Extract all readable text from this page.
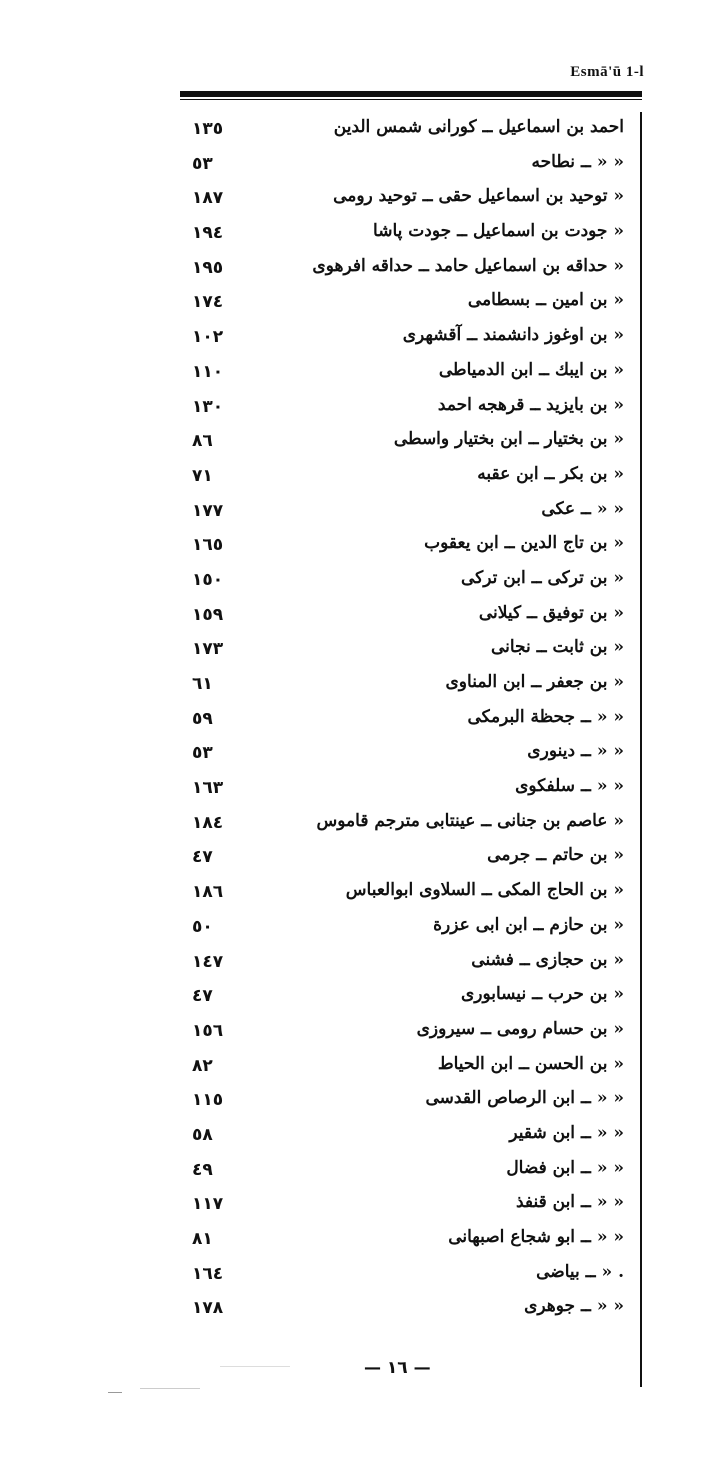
Esmā'ū 1-l
١٣٥	احمد بن اسماعیل ــ کورانی شمس الدین
٥٣	« « ــ نطاحه
١٨٧	« توحید بن اسماعیل حقی ــ توحید رومی
١٩٤	« جودت بن اسماعیل ــ جودت پاشا
١٩٥	« حداقه بن اسماعیل حامد ــ حداقه افرهوی
١٧٤	« بن امین ــ بسطامی
١٠٢	« بن اوغوز دانشمند ــ آقشهری
١١٠	« بن ایبك ــ ابن الدمیاطی
١٣٠	« بن بایزید ــ قرهجه احمد
٨٦	« بن بختیار ــ ابن بختیار واسطی
٧١	« بن بکر ــ ابن عقبه
١٧٧	« « ــ عکی
١٦٥	« بن تاج الدین ــ ابن یعقوب
١٥٠	« بن ترکی ــ ابن ترکی
١٥٩	« بن توفیق ــ کیلانی
١٧٣	« بن ثابت ــ نجانی
٦١	« بن جعفر ــ ابن المناوی
٥٩	« « ــ جحظة البرمکی
٥٣	« « ــ دینوری
١٦٣	« « ــ سلفکوی
١٨٤	« عاصم بن جنانی ــ عینتابی مترجم قاموس
٤٧	« بن حاتم ــ جرمی
١٨٦	« بن الحاج المکی ــ السلاوی ابوالعباس
٥٠	« بن حازم ــ ابن ابی عزرة
١٤٧	« بن حجازی ــ فشنی
٤٧	« بن حرب ــ نیسابوری
١٥٦	« بن حسام رومی ــ سیروزی
٨٢	« بن الحسن ــ ابن الحیاط
١١٥	« « ــ ابن الرصاص القدسی
٥٨	« « ــ ابن شقیر
٤٩	« « ــ ابن فضال
١١٧	« « ــ ابن قنفذ
٨١	« « ــ ابو شجاع اصبهانی
١٦٤	. « ــ بیاضی
١٧٨	« « ــ جوهری
— ١٦ —
